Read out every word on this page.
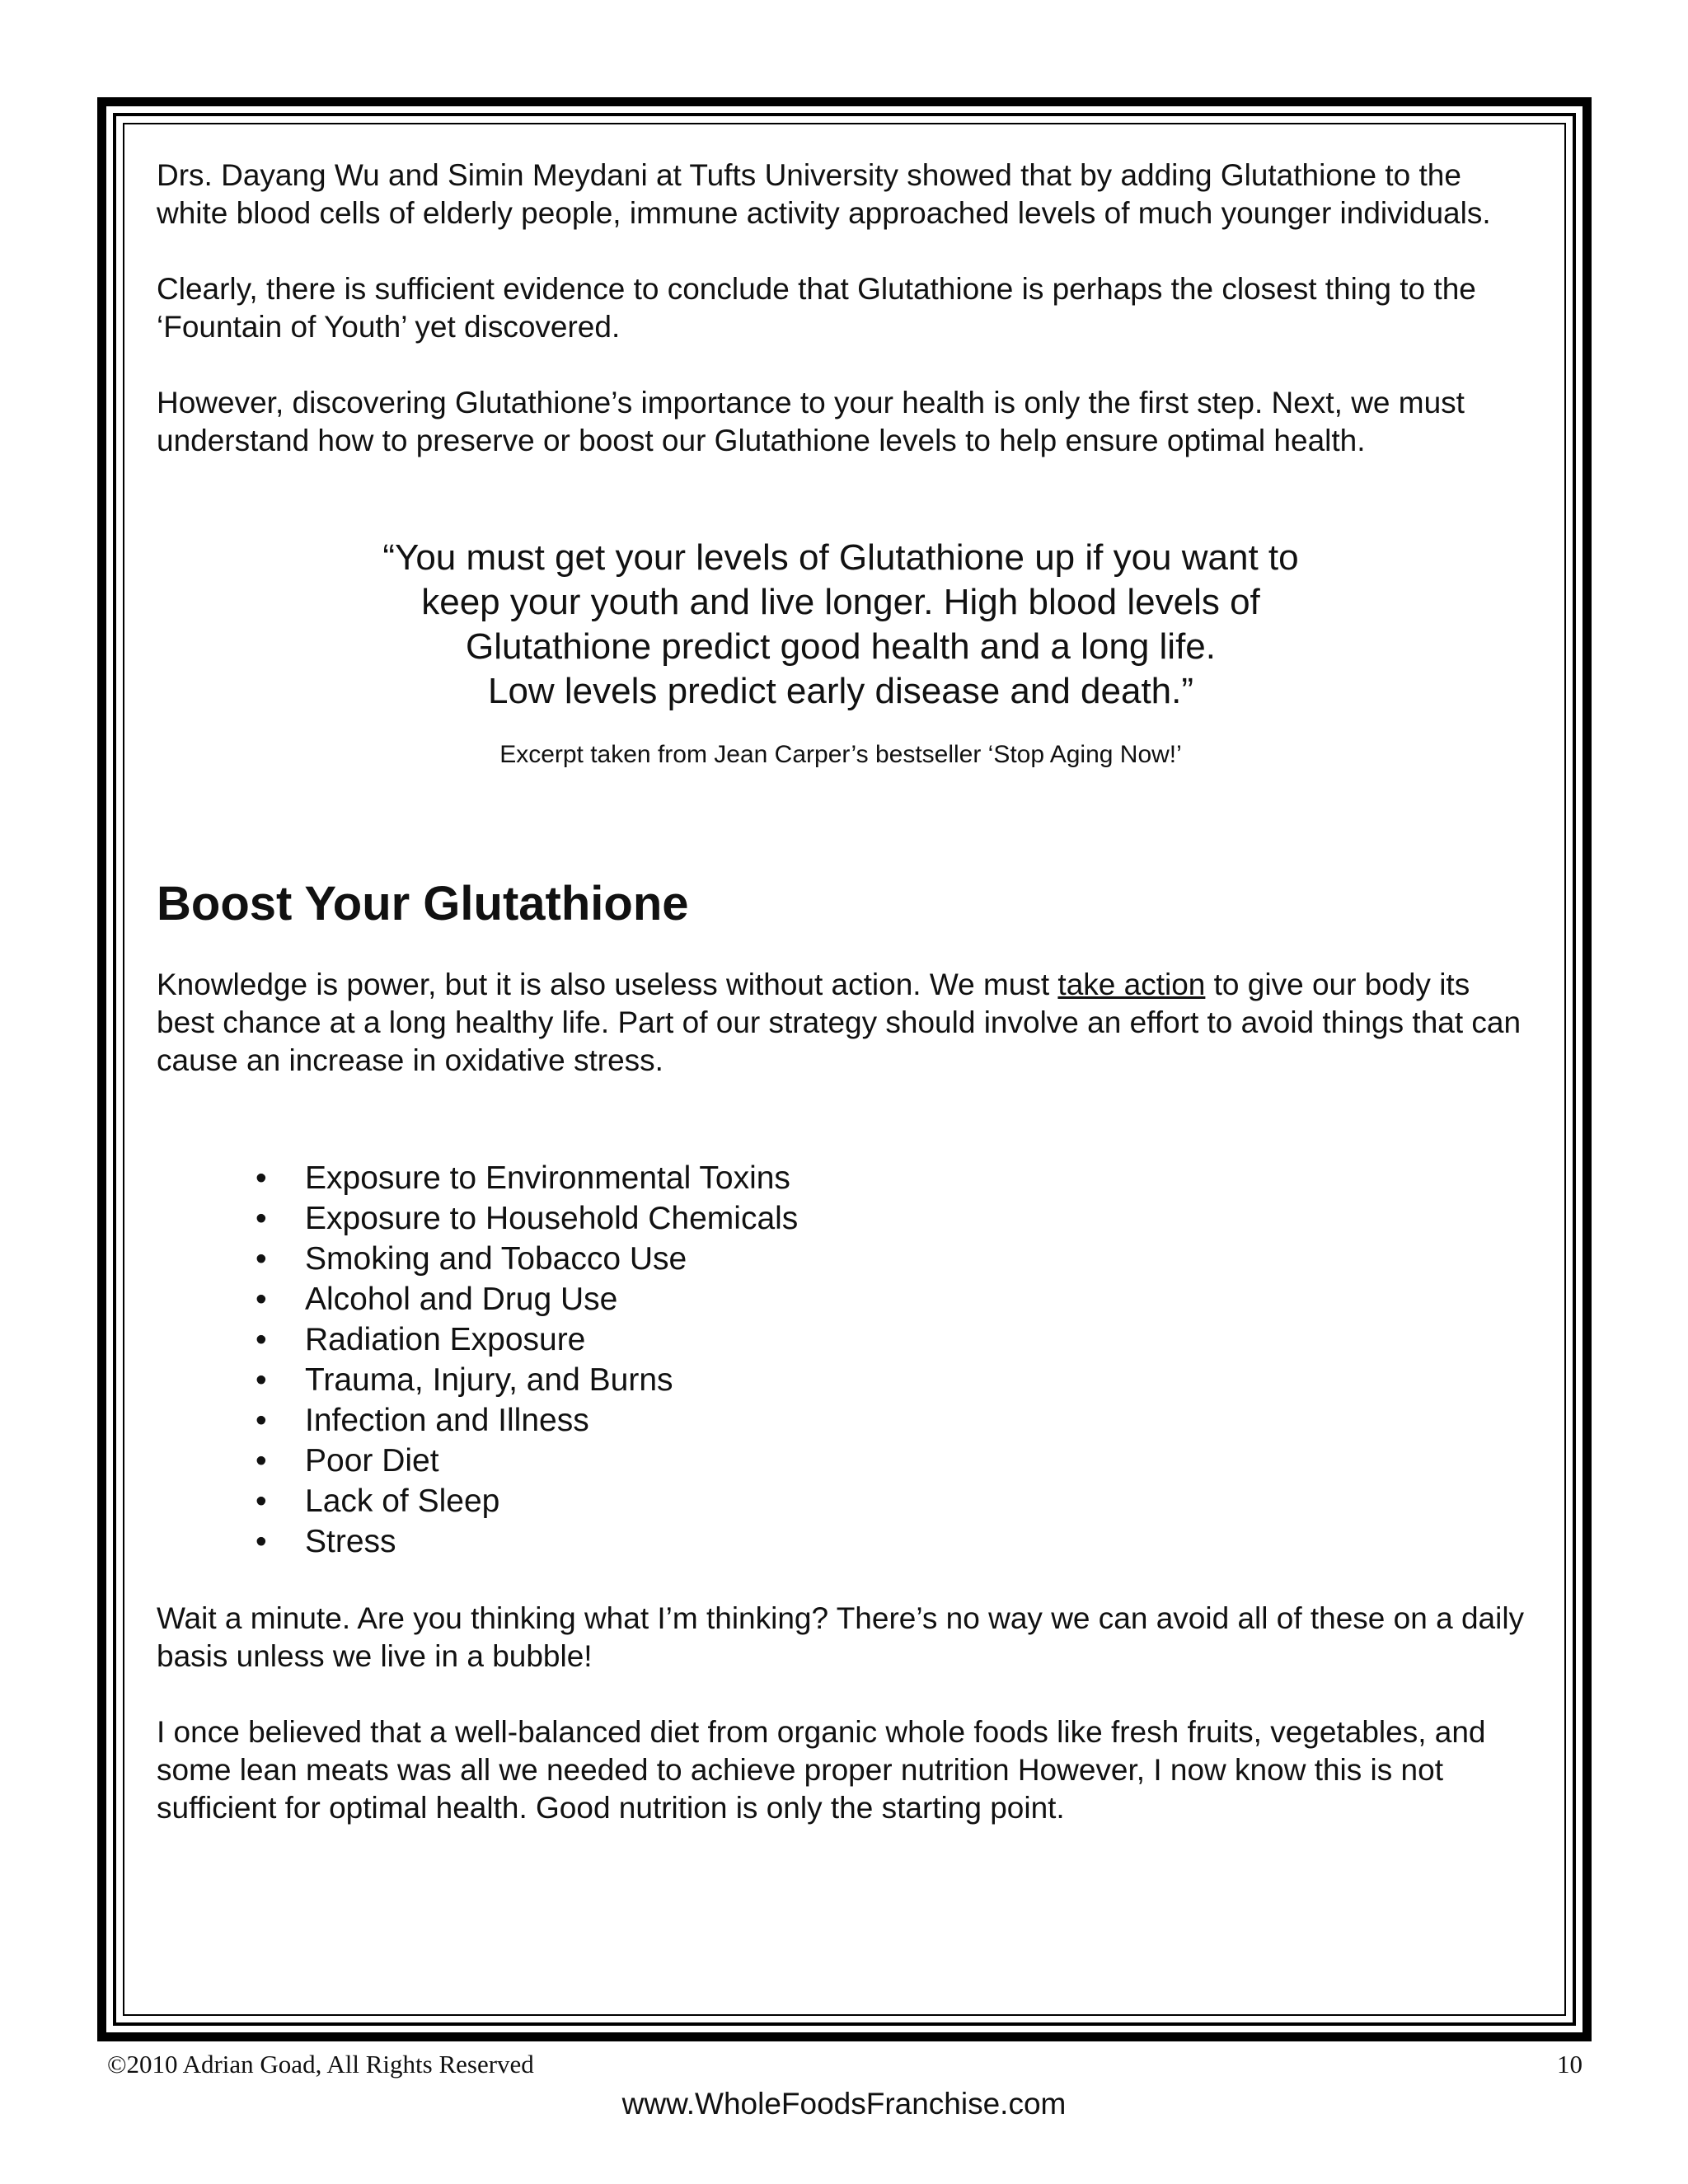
Drs. Dayang Wu and Simin Meydani at Tufts University showed that by adding Glutathione to the white blood cells of elderly people, immune activity approached levels of much younger individuals.

Clearly, there is sufficient evidence to conclude that Glutathione is perhaps the closest thing to the ‘Fountain of Youth’ yet discovered.

However, discovering Glutathione’s importance to your health is only the first step. Next, we must understand how to preserve or boost our Glutathione levels to help ensure optimal health.

“You must get your levels of Glutathione up if you want to
keep your youth and live longer. High blood levels of
Glutathione predict good health and a long life.
Low levels predict early disease and death.”
Excerpt taken from Jean Carper’s bestseller ‘Stop Aging Now!’
Boost Your Glutathione

Knowledge is power, but it is also useless without action. We must take action to give our body its best chance at a long healthy life. Part of our strategy should involve an effort to avoid things that can cause an increase in oxidative stress.

•	Exposure to Environmental Toxins
•	Exposure to Household Chemicals
•	Smoking and Tobacco Use
•	Alcohol and Drug Use
•	Radiation Exposure
•	Trauma, Injury, and Burns
•	Infection and Illness
•	Poor Diet
•	Lack of Sleep
•	Stress

Wait a minute. Are you thinking what I’m thinking? There’s no way we can avoid all of these on a daily basis unless we live in a bubble!

I once believed that a well-balanced diet from organic whole foods like fresh fruits, vegetables, and some lean meats was all we needed to achieve proper nutrition However, I now know this is not sufficient for optimal health. Good nutrition is only the starting point.

©2010 Adrian Goad, All Rights Reserved	10
www.WholeFoodsFranchise.com
